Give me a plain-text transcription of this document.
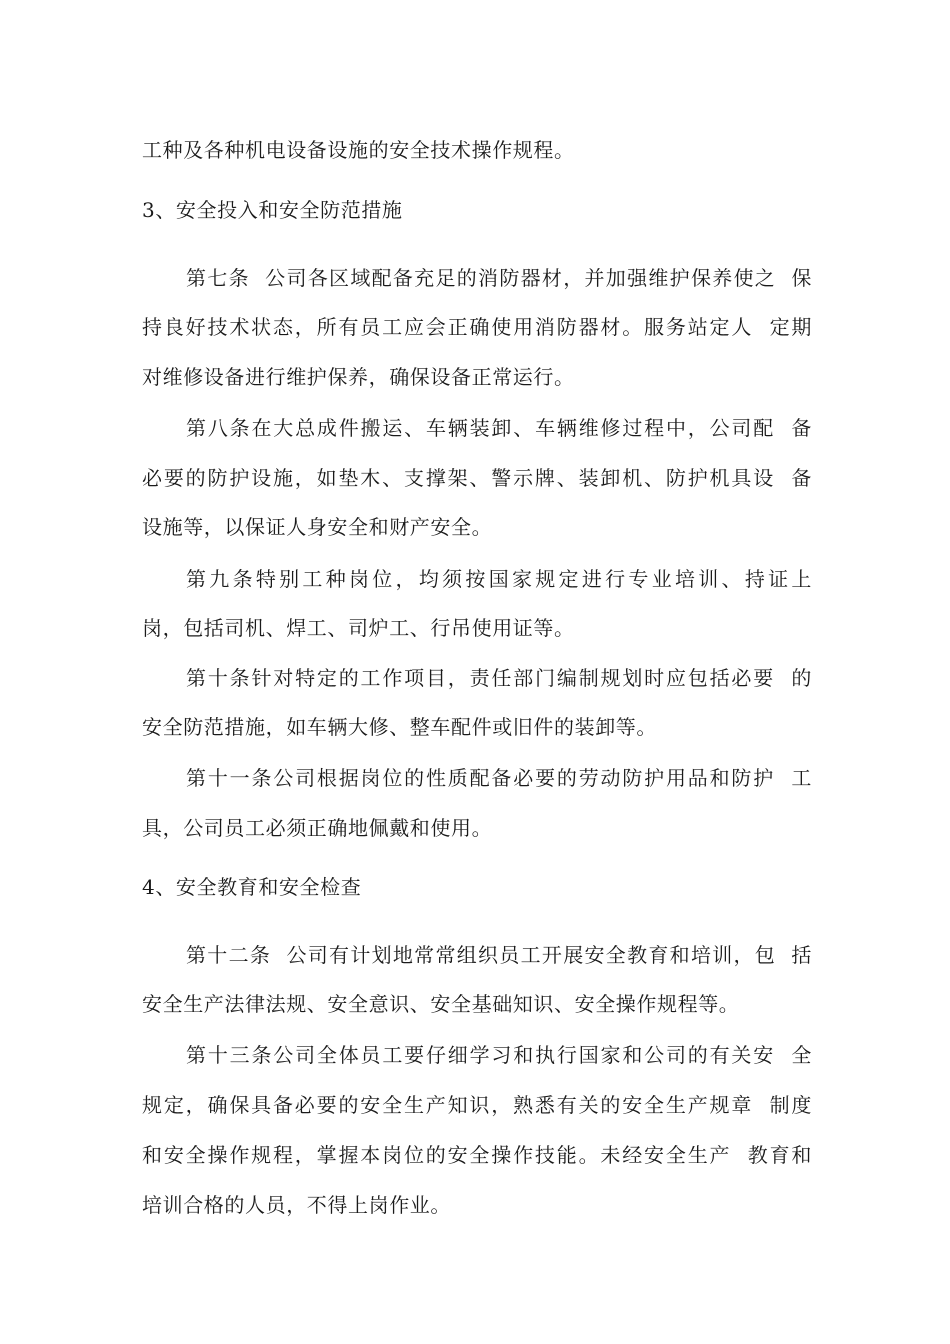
工种及各种机电设备设施的安全技术操作规程。
3、安全投入和安全防范措施
第七条  公司各区域配备充足的消防器材，并加强维护保养使之  保
持良好技术状态，所有员工应会正确使用消防器材。服务站定人  定期
对维修设备进行维护保养，确保设备正常运行。
第八条在大总成件搬运、车辆装卸、车辆维修过程中，公司配  备
必要的防护设施，如垫木、支撑架、警示牌、装卸机、防护机具设  备
设施等，以保证人身安全和财产安全。
第九条特别工种岗位，均须按国家规定进行专业培训、持证上
岗，包括司机、焊工、司炉工、行吊使用证等。
第十条针对特定的工作项目，责任部门编制规划时应包括必要  的
安全防范措施，如车辆大修、整车配件或旧件的装卸等。
第十一条公司根据岗位的性质配备必要的劳动防护用品和防护  工
具，公司员工必须正确地佩戴和使用。
4、安全教育和安全检查
第十二条  公司有计划地常常组织员工开展安全教育和培训，包  括
安全生产法律法规、安全意识、安全基础知识、安全操作规程等。
第十三条公司全体员工要仔细学习和执行国家和公司的有关安  全
规定，确保具备必要的安全生产知识，熟悉有关的安全生产规章  制度
和安全操作规程，掌握本岗位的安全操作技能。未经安全生产  教育和
培训合格的人员，不得上岗作业。
